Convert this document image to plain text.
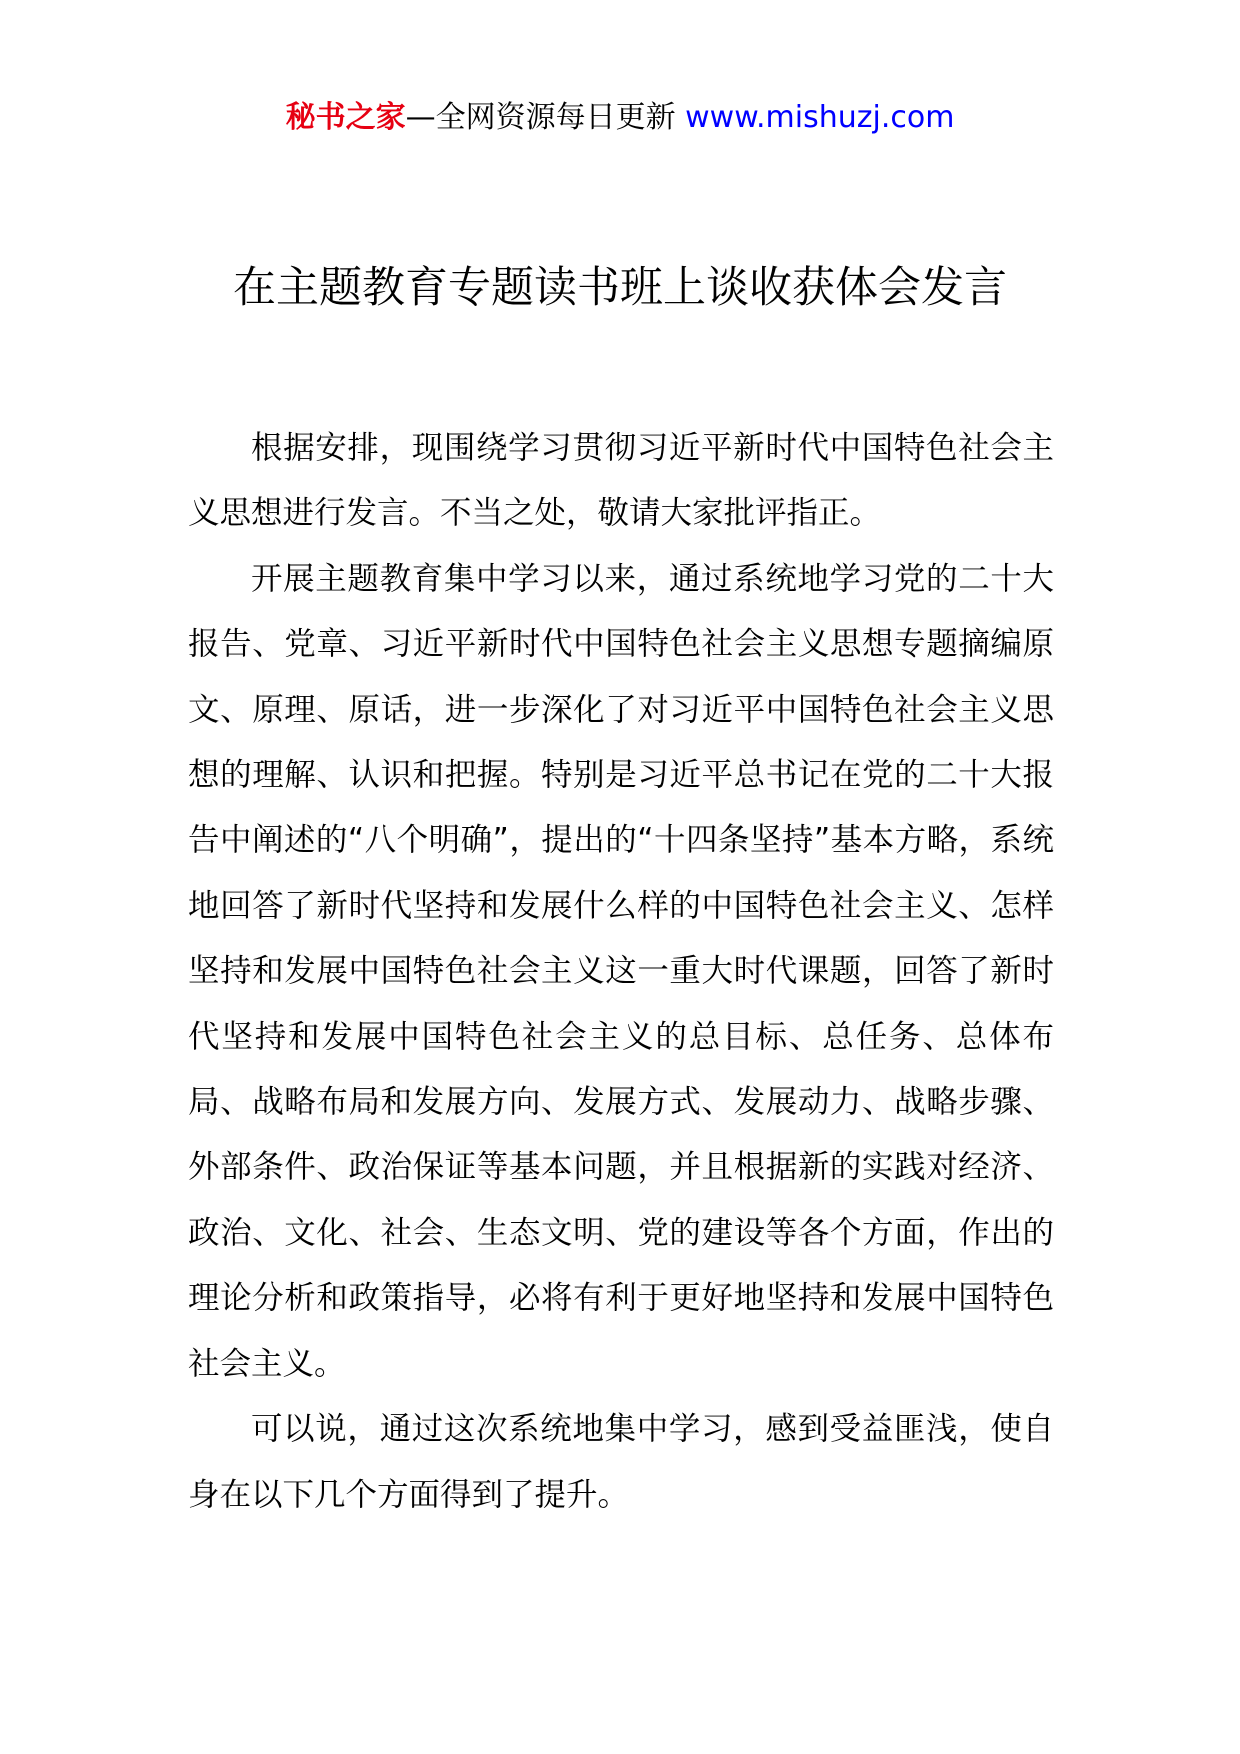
秘书之家—全网资源每日更新 www.mishuzj.com
在主题教育专题读书班上谈收获体会发言

根据安排，现围绕学习贯彻习近平新时代中国特色社会主义思想进行发言。不当之处，敬请大家批评指正。

开展主题教育集中学习以来，通过系统地学习党的二十大报告、党章、习近平新时代中国特色社会主义思想专题摘编原文、原理、原话，进一步深化了对习近平中国特色社会主义思想的理解、认识和把握。特别是习近平总书记在党的二十大报告中阐述的“八个明确”，提出的“十四条坚持”基本方略，系统地回答了新时代坚持和发展什么样的中国特色社会主义、怎样坚持和发展中国特色社会主义这一重大时代课题，回答了新时代坚持和发展中国特色社会主义的总目标、总任务、总体布局、战略布局和发展方向、发展方式、发展动力、战略步骤、外部条件、政治保证等基本问题，并且根据新的实践对经济、政治、文化、社会、生态文明、党的建设等各个方面，作出的理论分析和政策指导，必将有利于更好地坚持和发展中国特色社会主义。

可以说，通过这次系统地集中学习，感到受益匪浅，使自身在以下几个方面得到了提升。
